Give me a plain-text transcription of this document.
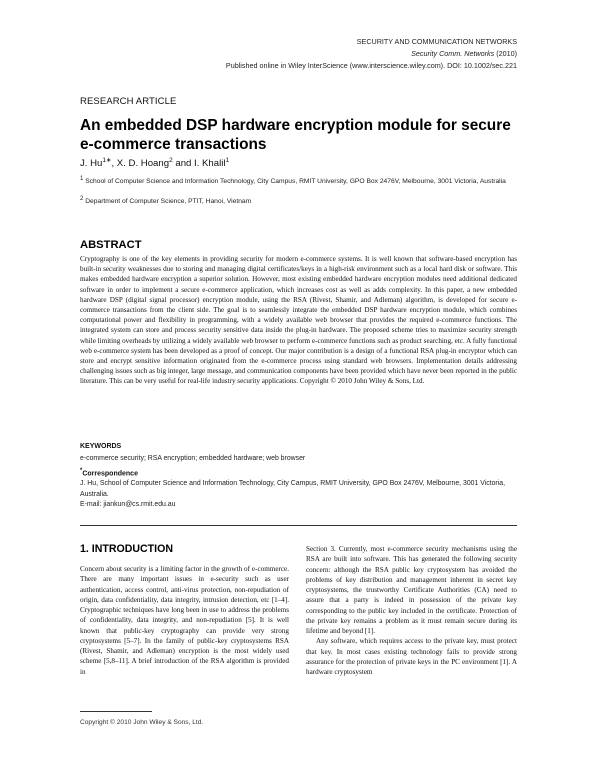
SECURITY AND COMMUNICATION NETWORKS
Security Comm. Networks (2010)
Published online in Wiley InterScience (www.interscience.wiley.com). DOI: 10.1002/sec.221
RESEARCH ARTICLE
An embedded DSP hardware encryption module for secure e-commerce transactions
J. $Hu^{1∗}$, X. D. Hoang$^2$ and I. Khalil$^1$
$^1$ School of Computer Science and Information Technology, City Campus, RMIT University, GPO Box 2476V, Melbourne, 3001 Victoria, Australia
$^2$ Department of Computer Science, PTIT, Hanoi, Vietnam
ABSTRACT
Cryptography is one of the key elements in providing security for modern e-commerce systems. It is well known that software-based encryption has built-in security weaknesses due to storing and managing digital certificates/keys in a high-risk environment such as a local hard disk or software. This makes embedded hardware encryption a superior solution. However, most existing embedded hardware encryption modules need additional dedicated software in order to implement a secure e-commerce application, which increases cost as well as adds complexity. In this paper, a new embedded hardware DSP (digital signal processor) encryption module, using the RSA (Rivest, Shamir, and Adleman) algorithm, is developed for secure e-commerce transactions from the client side. The goal is to seamlessly integrate the embedded DSP hardware encryption module, which combines computational power and flexibility in programming, with a widely available web browser that provides the required e-commerce functions. The integrated system can store and process security sensitive data inside the plug-in hardware. The proposed scheme tries to maximize security strength while limiting overheads by utilizing a widely available web browser to perform e-commerce functions such as product searching, etc. A fully functional web e-commerce system has been developed as a proof of concept. Our major contribution is a design of a functional RSA plug-in encryptor which can store and encrypt sensitive information originated from the e-commerce process using standard web browsers. Implementation details addressing challenging issues such as big integer, large message, and communication components have been provided which have never been reported in the public literature. This can be very useful for real-life industry security applications. Copyright © 2010 John Wiley & Sons, Ltd.
KEYWORDS
e-commerce security; RSA encryption; embedded hardware; web browser
*Correspondence
J. Hu, School of Computer Science and Information Technology, City Campus, RMIT University, GPO Box 2476V, Melbourne, 3001 Victoria, Australia.
E-mail: jiankun@cs.rmit.edu.au
1. INTRODUCTION

Concern about security is a limiting factor in the growth of e-commerce. There are many important issues in e-security such as user authentication, access control, anti-virus protection, non-repudiation of origin, data confidentiality, data integrity, intrusion detection, etc [1–4]. Cryptographic techniques have long been in use to address the problems of confidentiality, data integrity, and non-repudiation [5]. It is well known that public-key cryptography can provide very strong cryptosystems [5–7]. In the family of public-key cryptosystems RSA (Rivest, Shamir, and Adleman) encryption is the most widely used scheme [5,8–11]. A brief introduction of the RSA algorithm is provided in

Section 3. Currently, most e-commerce security mechanisms using the RSA are built into software. This has generated the following security concern: although the RSA public key cryptosystem has avoided the problems of key distribution and management inherent in secret key cryptosystems, the trustworthy Certificate Authorities (CA) need to assure that a party is indeed in possession of the private key corresponding to the public key included in the certificate. Protection of the private key remains a problem as it must remain secure during its lifetime and beyond [1].

Any software, which requires access to the private key, must protect that key. In most cases existing technology fails to provide strong assurance for the protection of private keys in the PC environment [1]. A hardware cryptosystem

Copyright © 2010 John Wiley & Sons, Ltd.
